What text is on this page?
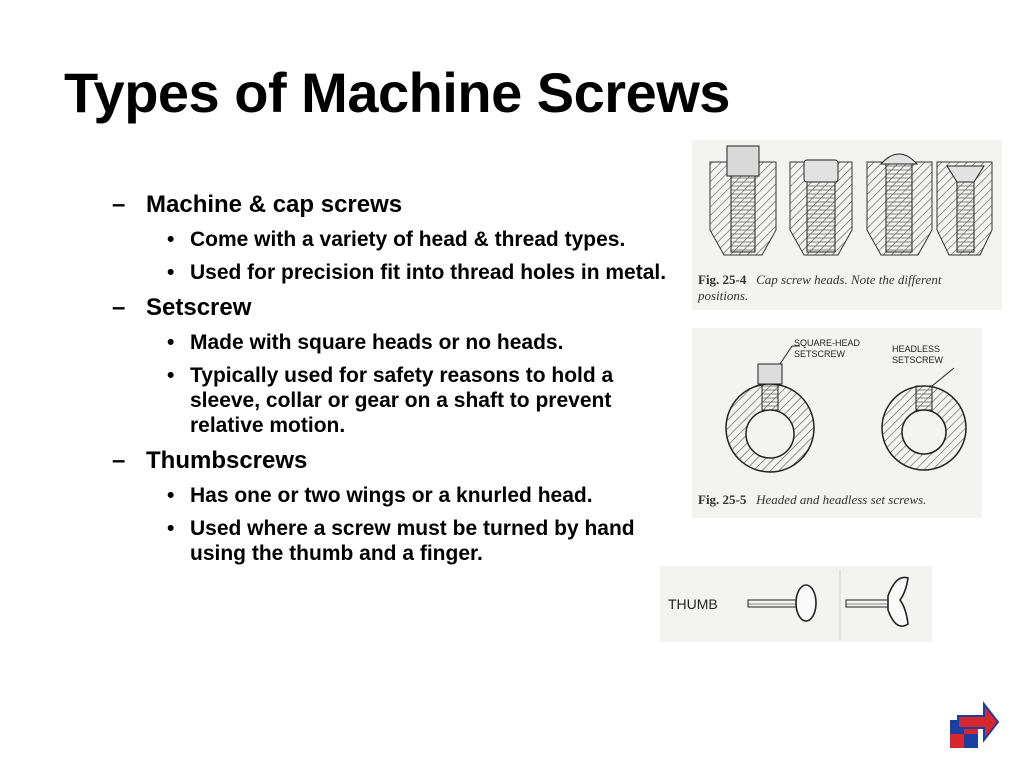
Types of Machine Screws
– Machine & cap screws
• Come with a variety of head & thread types.
• Used for precision fit into thread holes in metal.
– Setscrew
• Made with square heads or no heads.
• Typically used for safety reasons to hold a sleeve, collar or gear on a shaft to prevent relative motion.
– Thumbscrews
• Has one or two wings or a knurled head.
• Used where a screw must be turned by hand using the thumb and a finger.
Fig. 25-4 Cap screw heads. Note the different
positions.
SQUARE-HEAD
SETSCREW	HEADLESS
SETSCREW
Fig. 25-5 Headed and headless set screws.
THUMB
